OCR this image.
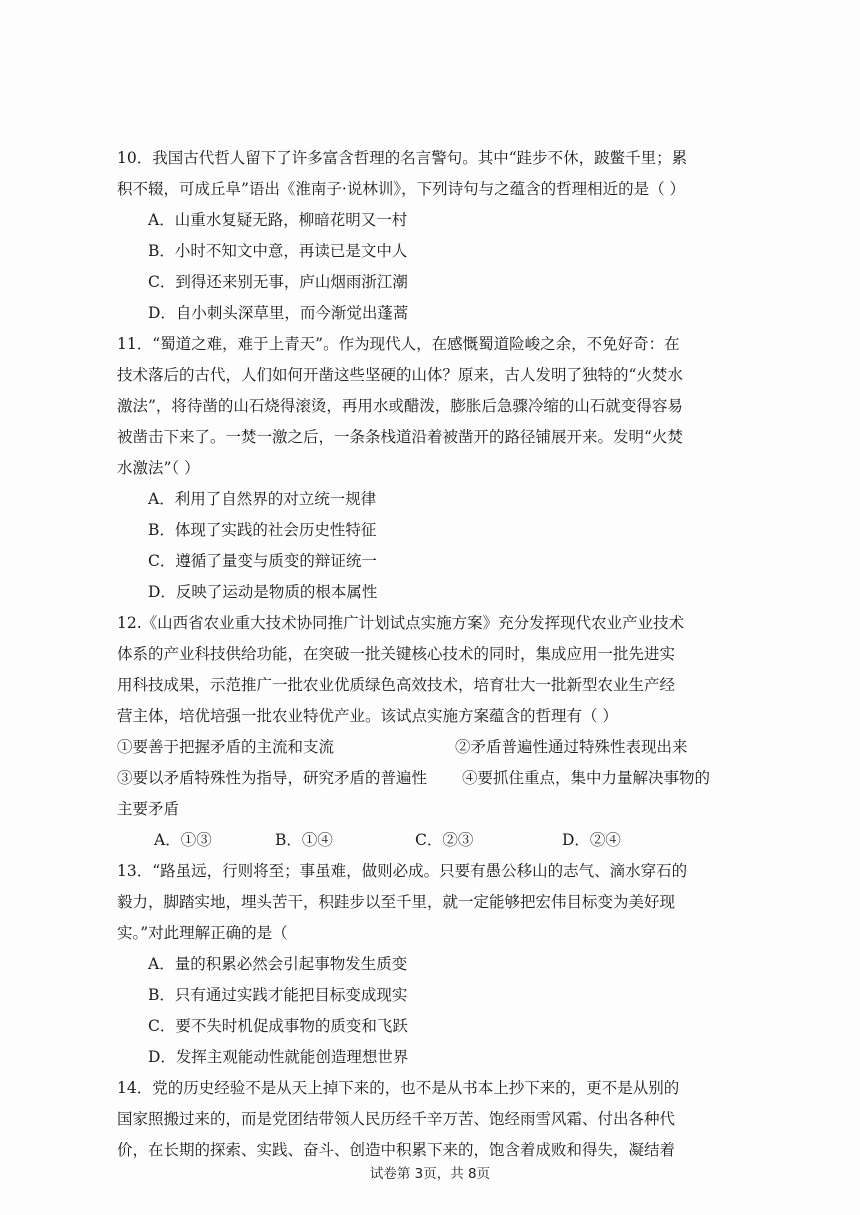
10．我国古代哲人留下了许多富含哲理的名言警句。其中“跬步不休，跛鳖千里；累
积不辍，可成丘阜”语出《淮南子·说林训》，下列诗句与之蕴含的哲理相近的是（ ）
A．山重水复疑无路，柳暗花明又一村
B．小时不知文中意，再读已是文中人
C．到得还来别无事，庐山烟雨浙江潮
D．自小刺头深草里，而今渐觉出蓬蒿
11．“蜀道之难，难于上青天”。作为现代人，在感慨蜀道险峻之余，不免好奇：在
技术落后的古代，人们如何开凿这些坚硬的山体？原来，古人发明了独特的“火焚水
激法”，将待凿的山石烧得滚烫，再用水或醋泼，膨胀后急骤冷缩的山石就变得容易
被凿击下来了。一焚一激之后，一条条栈道沿着被凿开的路径铺展开来。发明“火焚
水激法”（ ）
A．利用了自然界的对立统一规律
B．体现了实践的社会历史性特征
C．遵循了量变与质变的辩证统一
D．反映了运动是物质的根本属性
12.《山西省农业重大技术协同推广计划试点实施方案》充分发挥现代农业产业技术
体系的产业科技供给功能，在突破一批关键核心技术的同时，集成应用一批先进实
用科技成果，示范推广一批农业优质绿色高效技术，培育壮大一批新型农业生产经
营主体，培优培强一批农业特优产业。该试点实施方案蕴含的哲理有（ ）
①要善于把握矛盾的主流和支流	②矛盾普遍性通过特殊性表现出来
③要以矛盾特殊性为指导，研究矛盾的普遍性 ④要抓住重点，集中力量解决事物的
主要矛盾
A．①③	B．①④	C．②③	D．②④
13．“路虽远，行则将至；事虽难，做则必成。只要有愚公移山的志气、滴水穿石的
毅力，脚踏实地，埋头苦干，积跬步以至千里，就一定能够把宏伟目标变为美好现
实。”对此理解正确的是（
A．量的积累必然会引起事物发生质变
B．只有通过实践才能把目标变成现实
C．要不失时机促成事物的质变和飞跃
D．发挥主观能动性就能创造理想世界
14．党的历史经验不是从天上掉下来的，也不是从书本上抄下来的，更不是从别的
国家照搬过来的，而是党团结带领人民历经千辛万苦、饱经雨雪风霜、付出各种代
价，在长期的探索、实践、奋斗、创造中积累下来的，饱含着成败和得失，凝结着
试卷第 3页，共 8页
